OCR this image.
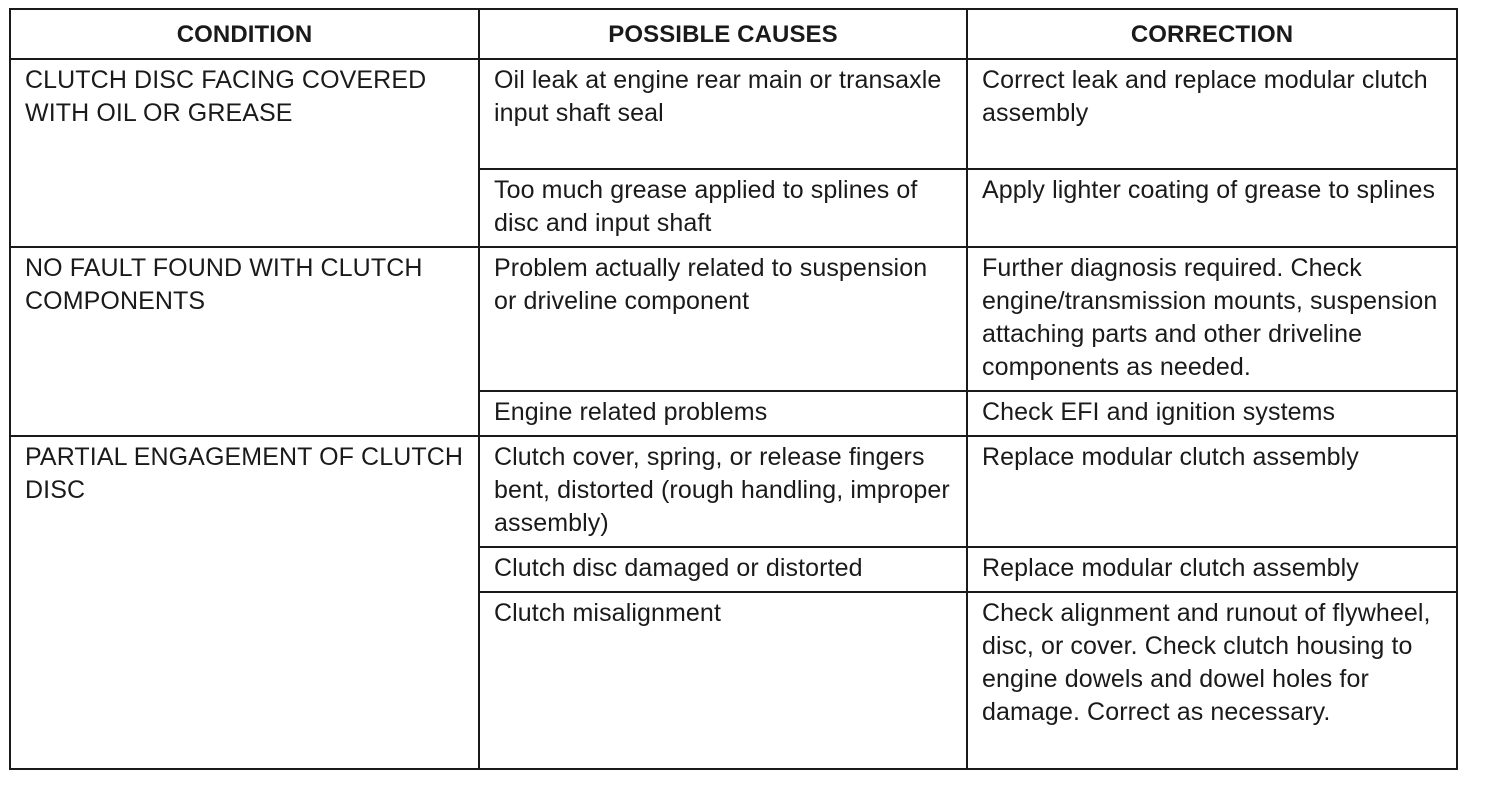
CONDITION	POSSIBLE CAUSES	CORRECTION
CLUTCH DISC FACING COVERED WITH OIL OR GREASE	Oil leak at engine rear main or transaxle input shaft seal	Correct leak and replace modular clutch assembly
	Too much grease applied to splines of disc and input shaft	Apply lighter coating of grease to splines
NO FAULT FOUND WITH CLUTCH COMPONENTS	Problem actually related to suspension or driveline component	Further diagnosis required. Check engine/transmission mounts, suspension attaching parts and other driveline components as needed.
	Engine related problems	Check EFI and ignition systems
PARTIAL ENGAGEMENT OF CLUTCH DISC	Clutch cover, spring, or release fingers bent, distorted (rough handling, improper assembly)	Replace modular clutch assembly
	Clutch disc damaged or distorted	Replace modular clutch assembly
	Clutch misalignment	Check alignment and runout of flywheel, disc, or cover. Check clutch housing to engine dowels and dowel holes for damage. Correct as necessary.
